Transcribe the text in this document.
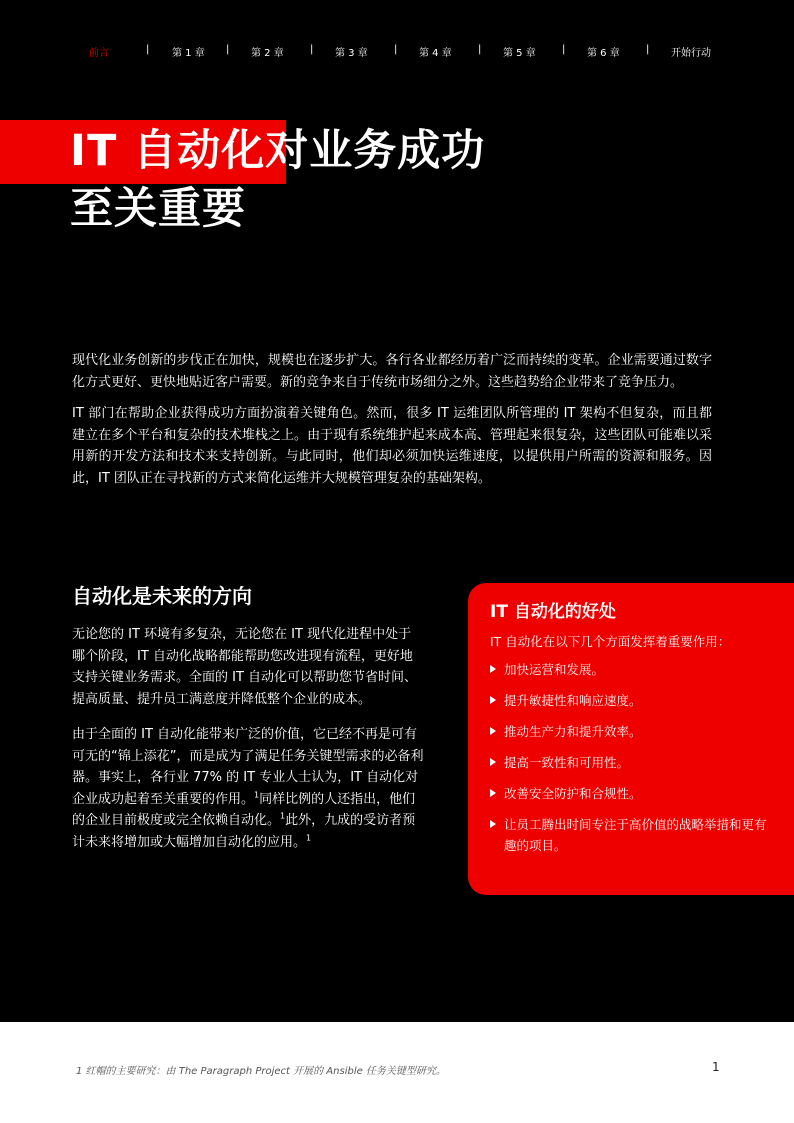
前言	| 第 1 章 | 第 2 章	| 第 3 章	| 第 4 章	| 第 5 章	| 第 6 章	| 开始行动
IT 自动化对业务成功
至关重要

现代化业务创新的步伐正在加快，规模也在逐步扩大。各行各业都经历着广泛而持续的变革。企业需要通过数字化方式更好、更快地贴近客户需要。新的竞争来自于传统市场细分之外。这些趋势给企业带来了竞争压力。

IT 部门在帮助企业获得成功方面扮演着关键角色。然而，很多 IT 运维团队所管理的 IT 架构不但复杂，而且都建立在多个平台和复杂的技术堆栈之上。由于现有系统维护起来成本高、管理起来很复杂，这些团队可能难以采用新的开发方法和技术来支持创新。与此同时，他们却必须加快运维速度，以提供用户所需的资源和服务。因此，IT 团队正在寻找新的方式来简化运维并大规模管理复杂的基础架构。

自动化是未来的方向

无论您的 IT 环境有多复杂，无论您在 IT 现代化进程中处于哪个阶段，IT 自动化战略都能帮助您改进现有流程，更好地支持关键业务需求。全面的 IT 自动化可以帮助您节省时间、提高质量、提升员工满意度并降低整个企业的成本。

由于全面的 IT 自动化能带来广泛的价值，它已经不再是可有可无的“锦上添花”，而是成为了满足任务关键型需求的必备利器。事实上，各行业 77% 的 IT 专业人士认为，IT 自动化对企业成功起着至关重要的作用。$^1$同样比例的人还指出，他们的企业目前极度或完全依赖自动化。$^1$此外，九成的受访者预计未来将增加或大幅增加自动化的应用。$^1$

IT 自动化的好处

IT 自动化在以下几个方面发挥着重要作用：

加快运营和发展。
提升敏捷性和响应速度。
推动生产力和提升效率。
提高一致性和可用性。
改善安全防护和合规性。
让员工腾出时间专注于高价值的战略举措和更有趣的项目。
1 红帽的主要研究：由 The Paragraph Project 开展的 Ansible 任务关键型研究。	1
